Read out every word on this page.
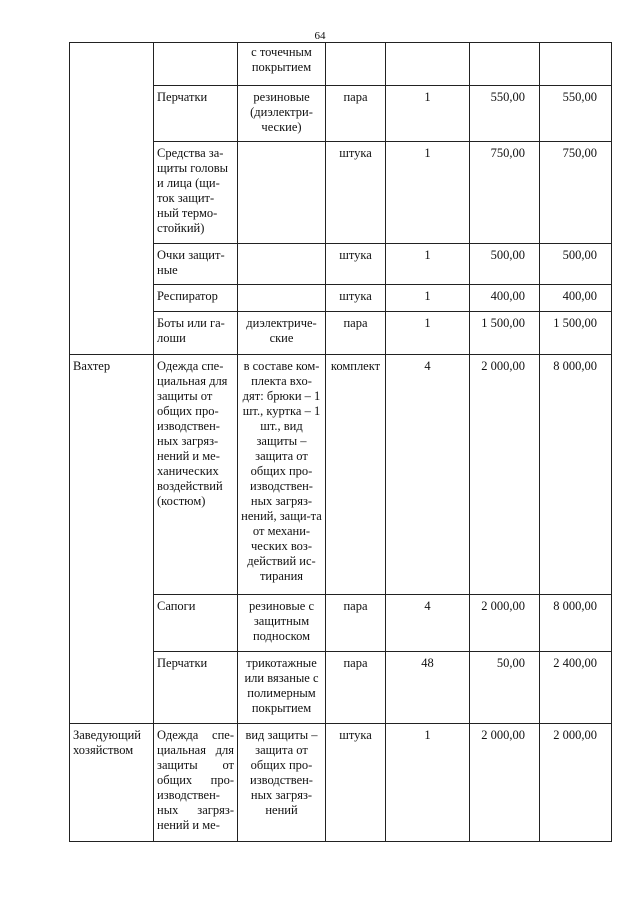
64
		с точечным покрытием				
	Перчатки	резиновые (диэлектри-ческие)	пара	1	550,00	550,00
	Средства за-щиты головы и лица (щи-ток защит-ный термо-стойкий)		штука	1	750,00	750,00
	Очки защит-ные		штука	1	500,00	500,00
	Респиратор		штука	1	400,00	400,00
	Боты или га-лоши	диэлектриче-ские	пара	1	1 500,00	1 500,00
Вахтер	Одежда спе-циальная для защиты от общих про-изводствен-ных загряз-нений и ме-ханических воздействий (костюм)	в составе ком-плекта вхо-дят: брюки – 1 шт., куртка – 1 шт., вид защиты – защита от общих про-изводствен-ных загряз-нений, защи-та от механи-ческих воз-действий ис-тирания	комплект	4	2 000,00	8 000,00
	Сапоги	резиновые с защитным подноском	пара	4	2 000,00	8 000,00
	Перчатки	трикотажные или вязаные с полимерным покрытием	пара	48	50,00	2 400,00
Заведующий хозяйством	Одежда спе-циальная для защиты от общих про-изводствен-ных загряз-нений и ме-	вид защиты – защита от общих про-изводствен-ных загряз-нений	штука	1	2 000,00	2 000,00
